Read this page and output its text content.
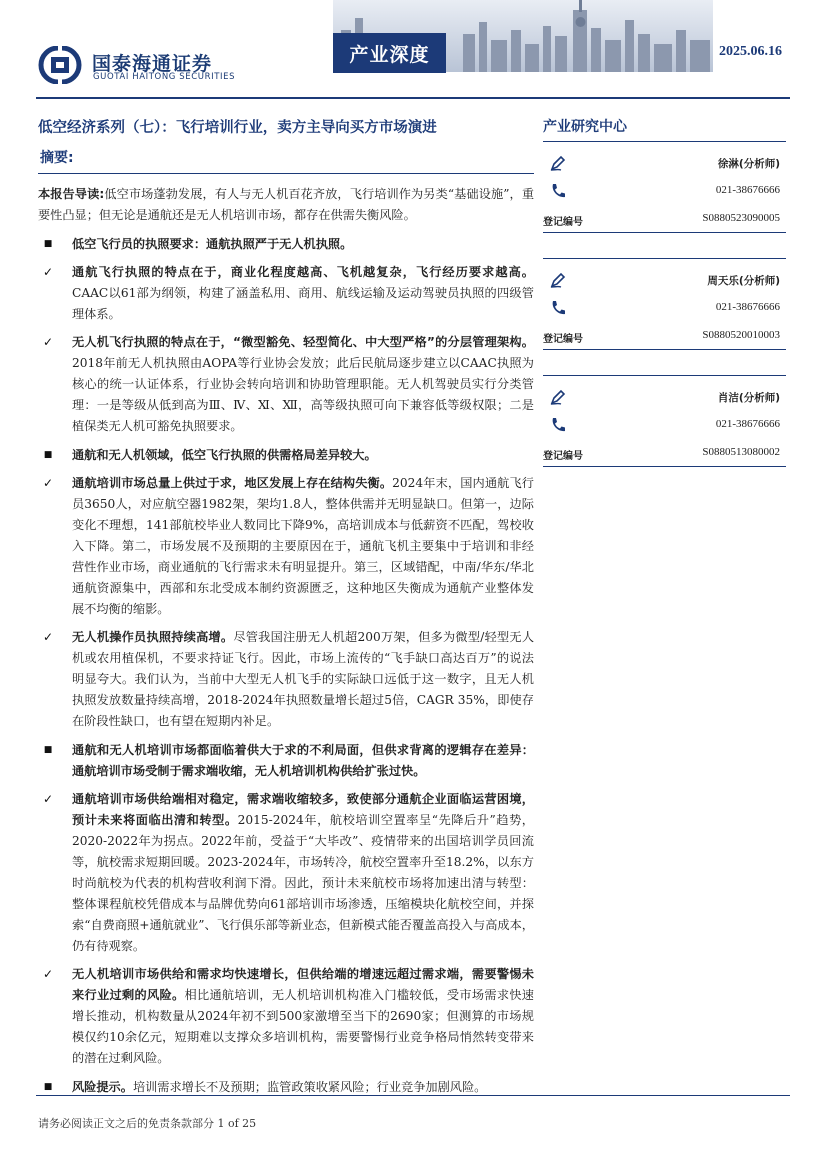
国泰海通证券
GUOTAI HAITONG SECURITIES
产业深度	2025.06.16
低空经济系列（七）：飞行培训行业，卖方主导向买方市场演进
摘要:

本报告导读:低空市场蓬勃发展，有人与无人机百花齐放，飞行培训作为另类“基础设施”，重要性凸显；但无论是通航还是无人机培训市场，都存在供需失衡风险。

■	低空飞行员的执照要求：通航执照严于无人机执照。
✓	通航飞行执照的特点在于，商业化程度越高、飞机越复杂，飞行经历要求越高。CAAC以61部为纲领，构建了涵盖私用、商用、航线运输及运动驾驶员执照的四级管理体系。
✓	无人机飞行执照的特点在于，“微型豁免、轻型简化、中大型严格”的分层管理架构。2018年前无人机执照由AOPA等行业协会发放；此后民航局逐步建立以CAAC执照为核心的统一认证体系，行业协会转向培训和协助管理职能。无人机驾驶员实行分类管理：一是等级从低到高为Ⅲ、Ⅳ、Ⅺ、Ⅻ，高等级执照可向下兼容低等级权限；二是植保类无人机可豁免执照要求。
■	通航和无人机领域，低空飞行执照的供需格局差异较大。
✓	通航培训市场总量上供过于求，地区发展上存在结构失衡。2024年末，国内通航飞行员3650人，对应航空器1982架，架均1.8人，整体供需并无明显缺口。但第一，边际变化不理想，141部航校毕业人数同比下降9%，高培训成本与低薪资不匹配，驾校收入下降。第二，市场发展不及预期的主要原因在于，通航飞机主要集中于培训和非经营性作业市场，商业通航的飞行需求未有明显提升。第三，区域错配，中南/华东/华北通航资源集中，西部和东北受成本制约资源匮乏，这种地区失衡成为通航产业整体发展不均衡的缩影。
✓	无人机操作员执照持续高增。尽管我国注册无人机超200万架，但多为微型/轻型无人机或农用植保机，不要求持证飞行。因此，市场上流传的“飞手缺口高达百万”的说法明显夸大。我们认为，当前中大型无人机飞手的实际缺口远低于这一数字，且无人机执照发放数量持续高增，2018-2024年执照数量增长超过5倍，CAGR 35%，即使存在阶段性缺口，也有望在短期内补足。
■	通航和无人机培训市场都面临着供大于求的不利局面，但供求背离的逻辑存在差异：通航培训市场受制于需求端收缩，无人机培训机构供给扩张过快。
✓	通航培训市场供给端相对稳定，需求端收缩较多，致使部分通航企业面临运营困境，预计未来将面临出清和转型。2015-2024年，航校培训空置率呈“先降后升”趋势，2020-2022年为拐点。2022年前，受益于“大毕改”、疫情带来的出国培训学员回流等，航校需求短期回暖。2023-2024年，市场转冷，航校空置率升至18.2%，以东方时尚航校为代表的机构营收利润下滑。因此，预计未来航校市场将加速出清与转型：整体课程航校凭借成本与品牌优势向61部培训市场渗透，压缩模块化航校空间，并探索“自费商照+通航就业”、飞行俱乐部等新业态，但新模式能否覆盖高投入与高成本，仍有待观察。
✓	无人机培训市场供给和需求均快速增长，但供给端的增速远超过需求端，需要警惕未来行业过剩的风险。相比通航培训，无人机培训机构准入门槛较低，受市场需求快速增长推动，机构数量从2024年初不到500家激增至当下的2690家；但测算的市场规模仅约10余亿元，短期难以支撑众多培训机构，需要警惕行业竞争格局悄然转变带来的潜在过剩风险。
■	风险提示。培训需求增长不及预期；监管政策收紧风险；行业竞争加剧风险。
产业研究中心
徐淋(分析师)
021-38676666
登记编号	S0880523090005
周天乐(分析师)
021-38676666
登记编号	S0880520010003
肖洁(分析师)
021-38676666
登记编号	S0880513080002
请务必阅读正文之后的免责条款部分 1 of 25
